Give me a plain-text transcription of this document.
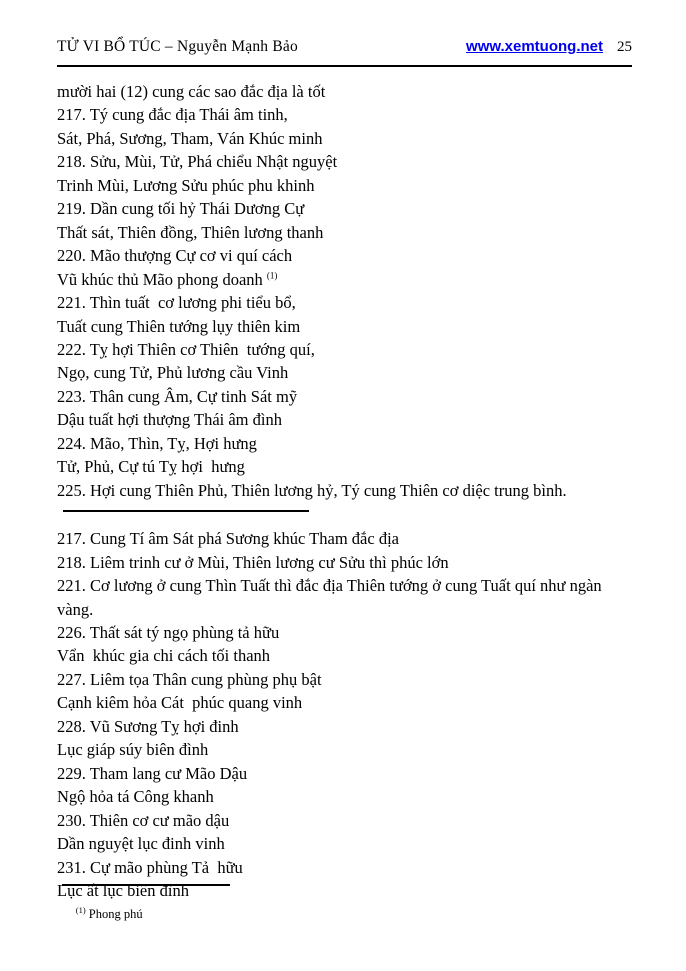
TỬ VI BỔ TÚC – Nguyễn Mạnh Bảo	www.xemtuong.net 25
mười hai (12) cung các sao đắc địa là tốt
217. Tý cung đắc địa Thái âm tinh,
Sát, Phá, Sương, Tham, Ván Khúc minh
218. Sửu, Mùi, Tử, Phá chiểu Nhật nguyệt
Trinh Mùi, Lương Sửu phúc phu khinh
219. Dần cung tối hỷ Thái Dương Cự
Thất sát, Thiên đồng, Thiên lương thanh
220. Mão thượng Cự cơ vi quí cách
Vũ khúc thủ Mão phong doanh $^{(1)}$
221. Thìn tuất  cơ lương phi tiểu bổ,
Tuất cung Thiên tướng lụy thiên kim
222. Tỵ hợi Thiên cơ Thiên  tướng quí,
Ngọ, cung Tử, Phủ lương cầu Vinh
223. Thân cung Âm, Cự tinh Sát mỹ
Dậu tuất hợi thượng Thái âm đình
224. Mão, Thìn, Tỵ, Hợi hưng
Tử, Phủ, Cự tú Tỵ hợi  hưng
225. Hợi cung Thiên Phủ, Thiên lương hỷ, Tý cung Thiên cơ diệc trung bình.
217. Cung Tí âm Sát phá Sương khúc Tham đắc địa
218. Liêm trinh cư ở Mùi, Thiên lương cư Sửu thì phúc lớn
221. Cơ lương ở cung Thìn Tuất thì đắc địa Thiên tướng ở cung Tuất quí như ngàn vàng.
226. Thất sát tý ngọ phùng tả hữu
Vẩn  khúc gia chi cách tối thanh
227. Liêm tọa Thân cung phùng phụ bật
Cạnh kiêm hỏa Cát  phúc quang vinh
228. Vũ Sương Tỵ hợi đinh
Lục giáp súy biên đình
229. Tham lang cư Mão Dậu
Ngộ hỏa tá Công khanh
230. Thiên cơ cư mão dậu
Dần nguyệt lục đinh vinh
231. Cự mão phùng Tả  hữu
Lục ất lục biên đình

$^{(1)}$ Phong phú
